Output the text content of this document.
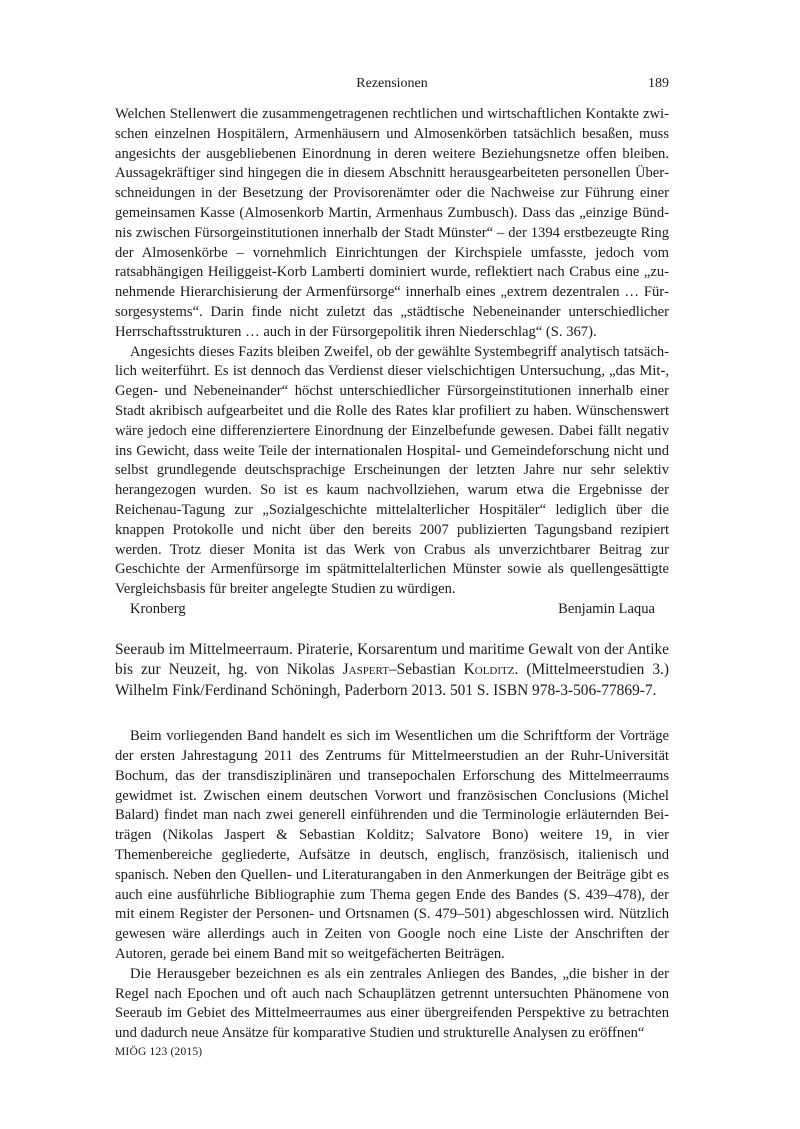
Rezensionen	189

Welchen Stellenwert die zusammengetragenen rechtlichen und wirtschaftlichen Kontakte zwischen einzelnen Hospitälern, Armenhäusern und Almosenkörben tatsächlich besaßen, muss angesichts der ausgebliebenen Einordnung in deren weitere Beziehungsnetze offen bleiben. Aussagekräftiger sind hingegen die in diesem Abschnitt herausgearbeiteten personellen Überschneidungen in der Besetzung der Provisorenämter oder die Nachweise zur Führung einer gemeinsamen Kasse (Almosenkorb Martin, Armenhaus Zumbusch). Dass das „einzige Bündnis zwischen Fürsorgeinstitutionen innerhalb der Stadt Münster“ – der 1394 erstbezeugte Ring der Almosenkörbe – vornehmlich Einrichtungen der Kirchspiele umfasste, jedoch vom ratsabhängigen Heiliggeist-Korb Lamberti dominiert wurde, reflektiert nach Crabus eine „zunehmende Hierarchisierung der Armenfürsorge“ innerhalb eines „extrem dezentralen … Fürsorgesystems“. Darin finde nicht zuletzt das „städtische Nebeneinander unterschiedlicher Herrschaftsstrukturen … auch in der Fürsorgepolitik ihren Niederschlag“ (S. 367).

Angesichts dieses Fazits bleiben Zweifel, ob der gewählte Systembegriff analytisch tatsächlich weiterführt. Es ist dennoch das Verdienst dieser vielschichtigen Untersuchung, „das Mit-, Gegen- und Nebeneinander“ höchst unterschiedlicher Fürsorgeinstitutionen innerhalb einer Stadt akribisch aufgearbeitet und die Rolle des Rates klar profiliert zu haben. Wünschenswert wäre jedoch eine differenziertere Einordnung der Einzelbefunde gewesen. Dabei fällt negativ ins Gewicht, dass weite Teile der internationalen Hospital- und Gemeindeforschung nicht und selbst grundlegende deutschsprachige Erscheinungen der letzten Jahre nur sehr selektiv herangezogen wurden. So ist es kaum nachvollziehen, warum etwa die Ergebnisse der Reichenau-Tagung zur „Sozialgeschichte mittelalterlicher Hospitäler“ lediglich über die knappen Protokolle und nicht über den bereits 2007 publizierten Tagungsband rezipiert werden. Trotz dieser Monita ist das Werk von Crabus als unverzichtbarer Beitrag zur Geschichte der Armenfürsorge im spätmittelalterlichen Münster sowie als quellengesättigte Vergleichsbasis für breiter angelegte Studien zu würdigen.

Kronberg	Benjamin Laqua

Seeraub im Mittelmeerraum. Piraterie, Korsarentum und maritime Gewalt von der Antike bis zur Neuzeit, hg. von Nikolas Jaspert–Sebastian Kolditz. (Mittelmeerstudien 3.) Wilhelm Fink/Ferdinand Schöningh, Paderborn 2013. 501 S. ISBN 978-3-506-77869-7.

Beim vorliegenden Band handelt es sich im Wesentlichen um die Schriftform der Vorträge der ersten Jahrestagung 2011 des Zentrums für Mittelmeerstudien an der Ruhr-Universität Bochum, das der transdisziplinären und transepochalen Erforschung des Mittelmeerraums gewidmet ist. Zwischen einem deutschen Vorwort und französischen Conclusions (Michel Balard) findet man nach zwei generell einführenden und die Terminologie erläuternden Beiträgen (Nikolas Jaspert & Sebastian Kolditz; Salvatore Bono) weitere 19, in vier Themenbereiche gegliederte, Aufsätze in deutsch, englisch, französisch, italienisch und spanisch. Neben den Quellen- und Literaturangaben in den Anmerkungen der Beiträge gibt es auch eine ausführliche Bibliographie zum Thema gegen Ende des Bandes (S. 439–478), der mit einem Register der Personen- und Ortsnamen (S. 479–501) abgeschlossen wird. Nützlich gewesen wäre allerdings auch in Zeiten von Google noch eine Liste der Anschriften der Autoren, gerade bei einem Band mit so weitgefächerten Beiträgen.

Die Herausgeber bezeichnen es als ein zentrales Anliegen des Bandes, „die bisher in der Regel nach Epochen und oft auch nach Schauplätzen getrennt untersuchten Phänomene von Seeraub im Gebiet des Mittelmeerraumes aus einer übergreifenden Perspektive zu betrachten und dadurch neue Ansätze für komparative Studien und strukturelle Analysen zu eröffnen“

MIÖG 123 (2015)
